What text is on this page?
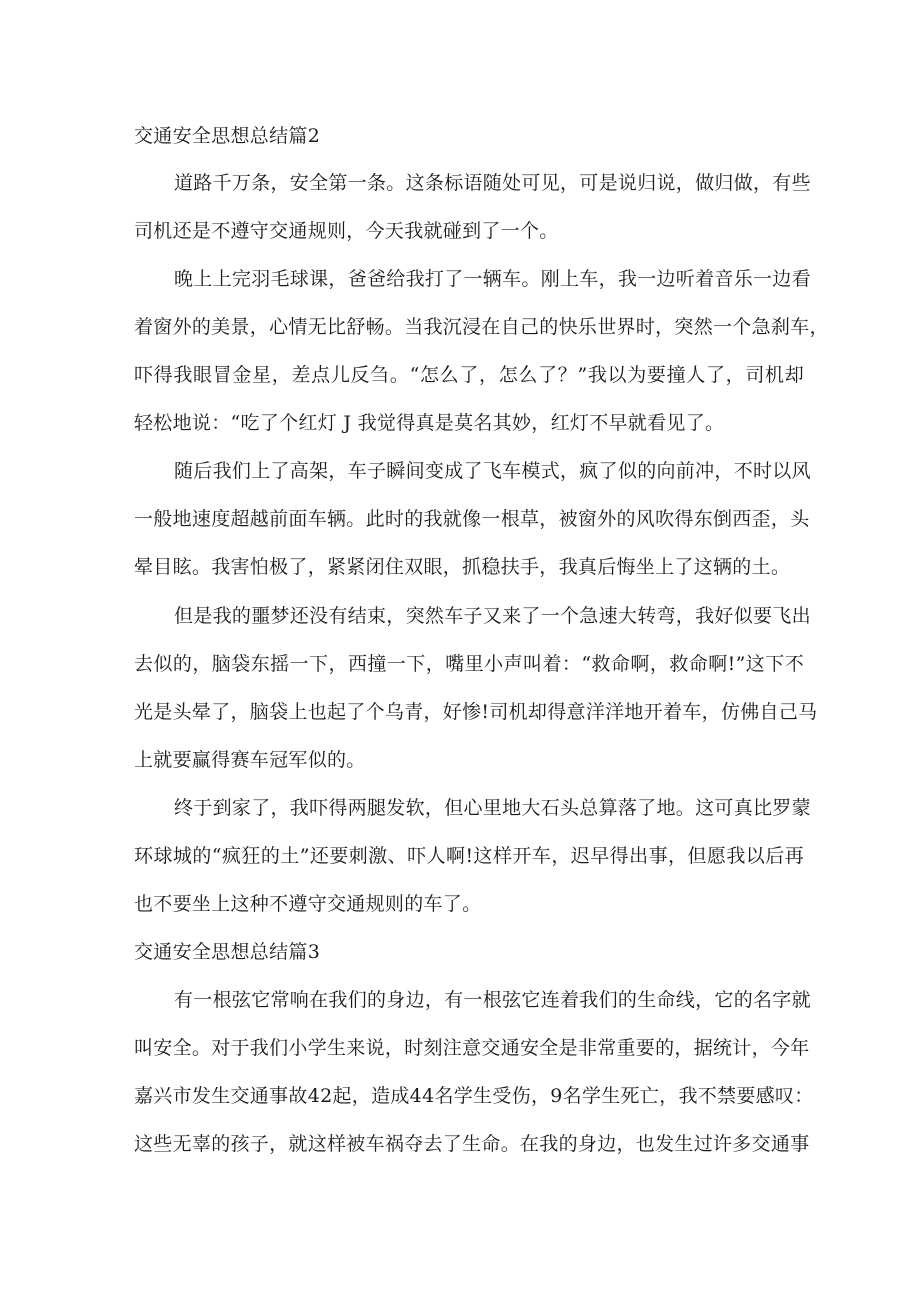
交通安全思想总结篇2
道路千万条，安全第一条。这条标语随处可见，可是说归说，做归做，有些
司机还是不遵守交通规则，今天我就碰到了一个。
晚上上完羽毛球课，爸爸给我打了一辆车。刚上车，我一边听着音乐一边看
着窗外的美景，心情无比舒畅。当我沉浸在自己的快乐世界时，突然一个急刹车，
吓得我眼冒金星，差点儿反刍。“怎么了，怎么了？”我以为要撞人了，司机却
轻松地说：“吃了个红灯 J 我觉得真是莫名其妙，红灯不早就看见了。
随后我们上了高架，车子瞬间变成了飞车模式，疯了似的向前冲，不时以风
一般地速度超越前面车辆。此时的我就像一根草，被窗外的风吹得东倒西歪，头
晕目眩。我害怕极了，紧紧闭住双眼，抓稳扶手，我真后悔坐上了这辆的土。
但是我的噩梦还没有结束，突然车子又来了一个急速大转弯，我好似要飞出
去似的，脑袋东摇一下，西撞一下，嘴里小声叫着：“救命啊，救命啊!”这下不
光是头晕了，脑袋上也起了个乌青，好惨!司机却得意洋洋地开着车，仿佛自己马
上就要赢得赛车冠军似的。
终于到家了，我吓得两腿发软，但心里地大石头总算落了地。这可真比罗蒙
环球城的“疯狂的土”还要刺激、吓人啊!这样开车，迟早得出事，但愿我以后再
也不要坐上这种不遵守交通规则的车了。
交通安全思想总结篇3
有一根弦它常响在我们的身边，有一根弦它连着我们的生命线，它的名字就
叫安全。对于我们小学生来说，时刻注意交通安全是非常重要的，据统计，今年
嘉兴市发生交通事故42起，造成44名学生受伤，9名学生死亡，我不禁要感叹：
这些无辜的孩子，就这样被车祸夺去了生命。在我的身边，也发生过许多交通事
